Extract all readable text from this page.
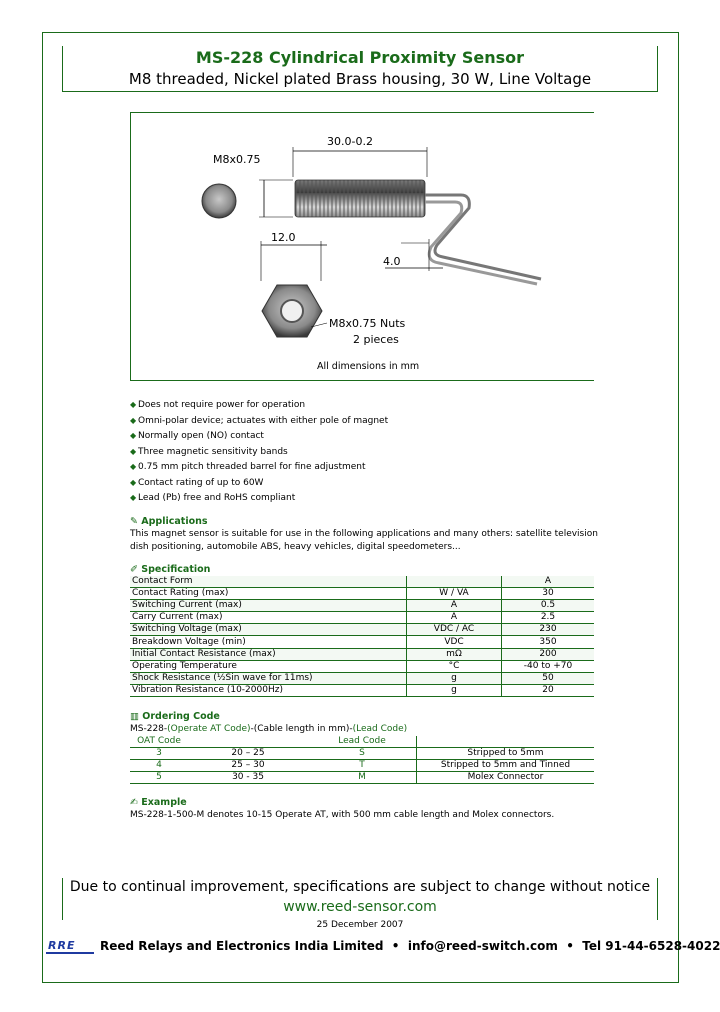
MS-228 Cylindrical Proximity Sensor
M8 threaded, Nickel plated Brass housing, 30 W, Line Voltage
M8x0.75
30.0-0.2
4.0
12.0
M8x0.75 Nuts
2 pieces
All dimensions in mm
◆ Does not require power for operation
◆ Omni-polar device; actuates with either pole of magnet
◆ Normally open (NO) contact
◆ Three magnetic sensitivity bands
◆ 0.75 mm pitch threaded barrel for fine adjustment
◆ Contact rating of up to 60W
◆ Lead (Pb) free and RoHS compliant
✎ Applications
This magnet sensor is suitable for use in the following applications and many others: satellite television dish positioning, automobile ABS, heavy vehicles, digital speedometers...
✐ Specification
Contact Form		A
Contact Rating (max)	W / VA	30
Switching Current (max)	A	0.5
Carry Current (max)	A	2.5
Switching Voltage (max)	VDC / AC	230
Breakdown Voltage (min)	VDC	350
Initial Contact Resistance (max)	mΩ	200
Operating Temperature	°C	-40 to +70
Shock Resistance (½Sin wave for 11ms)	g	50
Vibration Resistance (10-2000Hz)	g	20
▥ Ordering Code
MS-228-(Operate AT Code)-(Cable length in mm)-(Lead Code)
OAT Code		Lead Code	
3	20 – 25	S	Stripped to 5mm
4	25 – 30	T	Stripped to 5mm and Tinned
5	30 - 35	M	Molex Connector
✍ Example
MS-228-1-500-M denotes 10-15 Operate AT, with 500 mm cable length and Molex connectors.
Due to continual improvement, specifications are subject to change without notice
www.reed-sensor.com
25 December 2007
RRE Reed Relays and Electronics India Limited • info@reed-switch.com • Tel 91-44-6528-4022
